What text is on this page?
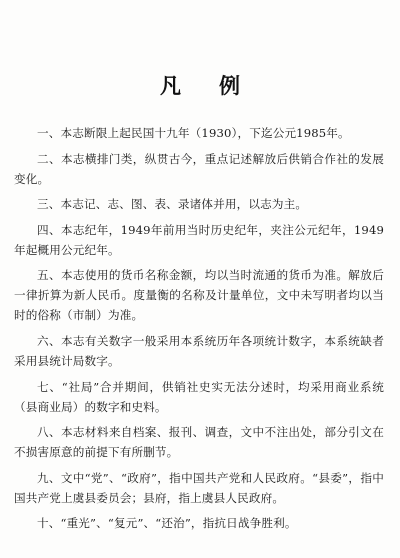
凡例

一、本志断限上起民国十九年（1930），下迄公元1985年。

二、本志横排门类，纵贯古今，重点记述解放后供销合作社的发展变化。

三、本志记、志、图、表、录诸体并用，以志为主。

四、本志纪年，1949年前用当时历史纪年，夹注公元纪年，1949年起概用公元纪年。

五、本志使用的货币名称金额，均以当时流通的货币为准。解放后一律折算为新人民币。度量衡的名称及计量单位，文中未写明者均以当时的俗称（市制）为准。

六、本志有关数字一般采用本系统历年各项统计数字，本系统缺者采用县统计局数字。

七、“社局”合并期间，供销社史实无法分述时，均采用商业系统（县商业局）的数字和史料。

八、本志材料来自档案、报刊、调查，文中不注出处，部分引文在不损害原意的前提下有所删节。

九、文中“党”、“政府”，指中国共产党和人民政府。“县委”，指中国共产党上虞县委员会；县府，指上虞县人民政府。

十、“重光”、“复元”、“还治”，指抗日战争胜利。
